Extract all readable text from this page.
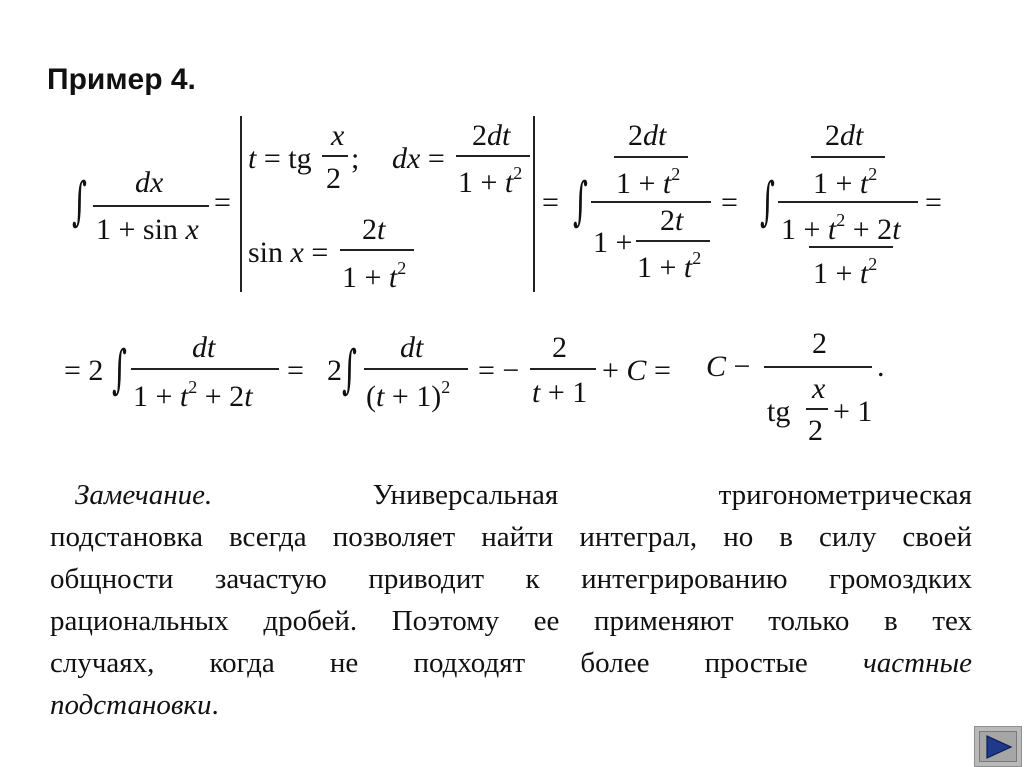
Пример 4.
∫ dx
1 + sin x
=
t = tg
x
2
; dx =
2dt
$1 + t^2$
sin x =
2t
$1 + t^2$
= ∫
2dt
$1 + t^2$
1 +
2t
$1 + t^2$
= ∫
2dt
$1 + t^2$
$1 + t^2 + 2t$
$1 + t^2$
=
= 2 ∫ dt
$1 + t^2 + 2t$
= 2 ∫ dt
$(t + 1)^2$ = −
2
t + 1
+ C = C −
2
tg
x
2
+ 1
.
Замечание.	Универсальная тригонометрическая
подстановка всегда позволяет найти интеграл, но в силу своей
общности зачастую приводит к интегрированию громоздких
рациональных дробей. Поэтому ее применяют только в тех
случаях, когда не подходят более простые частные
подстановки.
